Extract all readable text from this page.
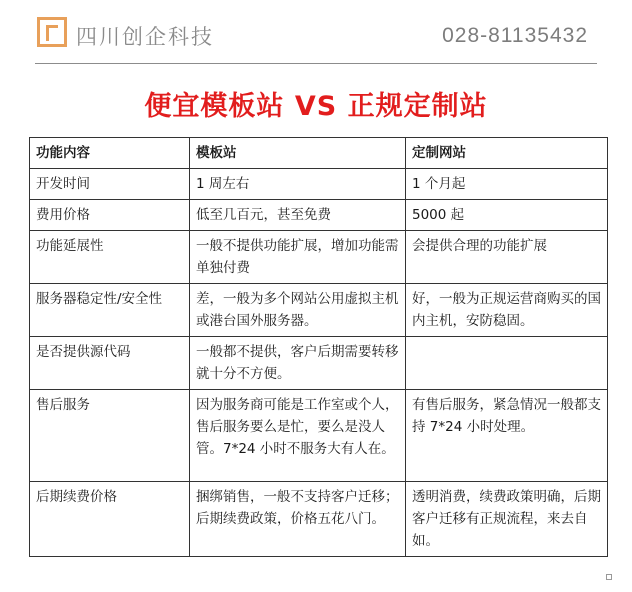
四川创企科技	028-81135432
便宜模板站 VS 正规定制站
功能内容	模板站	定制网站
开发时间	1 周左右	1 个月起
费用价格	低至几百元，甚至免费	5000 起
功能延展性	一般不提供功能扩展，增加功能需单独付费	会提供合理的功能扩展
服务器稳定性/安全性	差，一般为多个网站公用虚拟主机或港台国外服务器。	好，一般为正规运营商购买的国内主机，安防稳固。
是否提供源代码	一般都不提供，客户后期需要转移就十分不方便。	
售后服务	因为服务商可能是工作室或个人，售后服务要么是忙，要么是没人管。7*24 小时不服务大有人在。	有售后服务，紧急情况一般都支持 7*24 小时处理。
后期续费价格	捆绑销售，一般不支持客户迁移；后期续费政策，价格五花八门。	透明消费，续费政策明确，后期客户迁移有正规流程，来去自如。
